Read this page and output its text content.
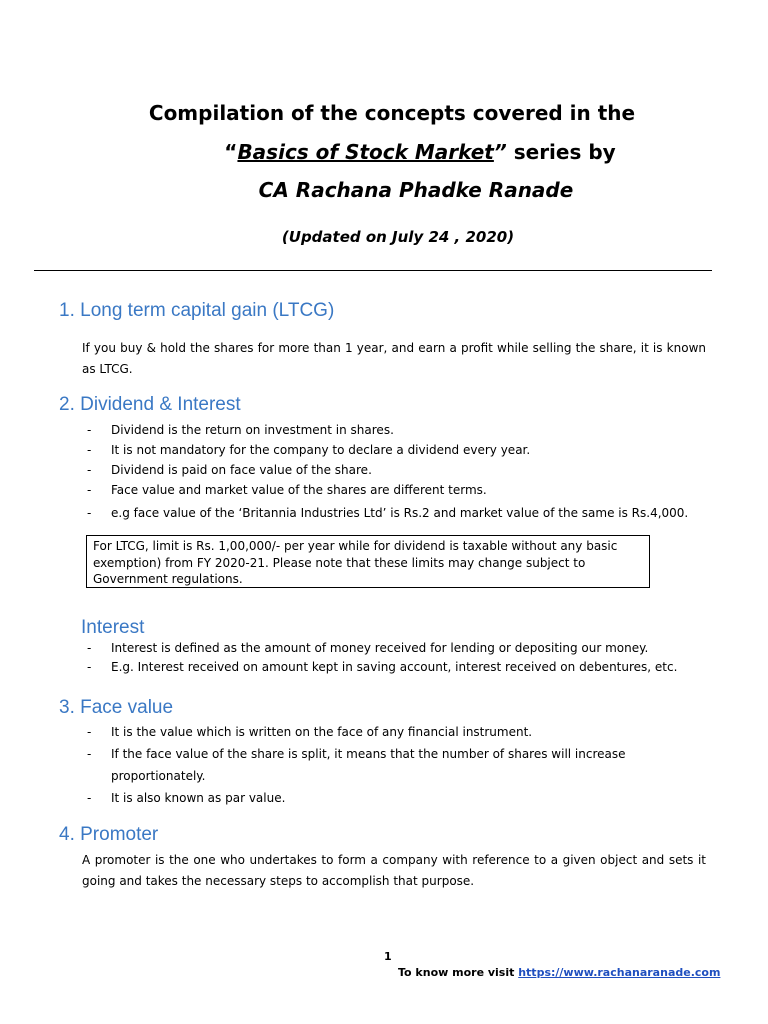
Compilation of the concepts covered in the
“Basics of Stock Market” series by
CA Rachana Phadke Ranade
(Updated on July 24 , 2020)
1. Long term capital gain (LTCG)
If you buy & hold the shares for more than 1 year, and earn a profit while selling the share, it is known as LTCG.
2. Dividend & Interest
- Dividend is the return on investment in shares.
- It is not mandatory for the company to declare a dividend every year.
- Dividend is paid on face value of the share.
- Face value and market value of the shares are different terms.
- e.g face value of the ‘Britannia Industries Ltd’ is Rs.2 and market value of the same is Rs.4,000.
For LTCG, limit is Rs. 1,00,000/- per year while for dividend is taxable without any basic exemption) from FY 2020-21. Please note that these limits may change subject to Government regulations.
Interest
- Interest is defined as the amount of money received for lending or depositing our money.
- E.g. Interest received on amount kept in saving account, interest received on debentures, etc.
3. Face value
- It is the value which is written on the face of any financial instrument.
- If the face value of the share is split, it means that the number of shares will increase proportionately.
- It is also known as par value.
4. Promoter
A promoter is the one who undertakes to form a company with reference to a given object and sets it going and takes the necessary steps to accomplish that purpose.
1
To know more visit https://www.rachanaranade.com
